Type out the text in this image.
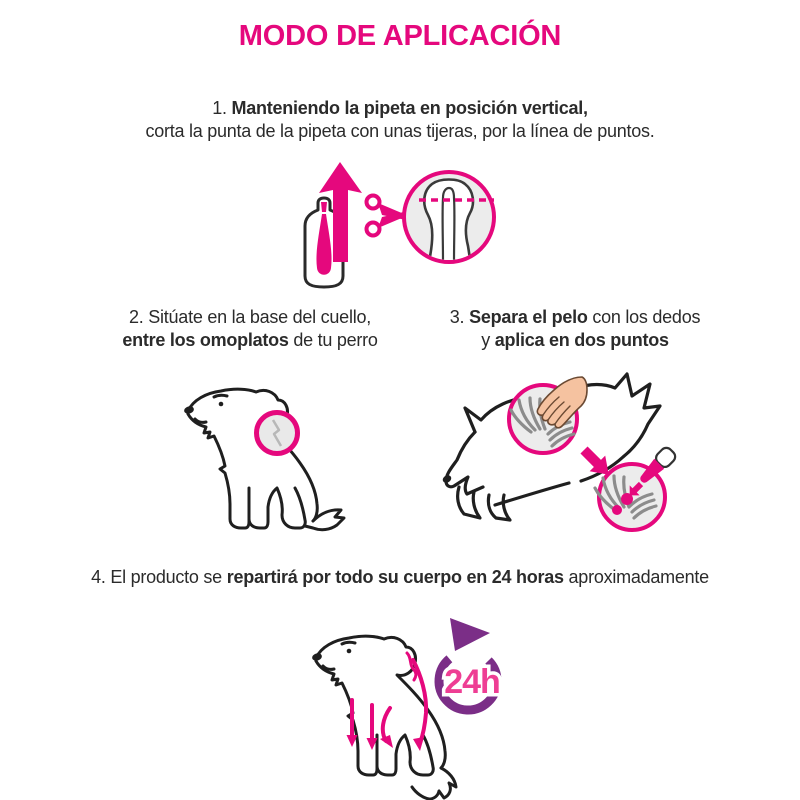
MODO DE APLICACIÓN
1. Manteniendo la pipeta en posición vertical,
corta la punta de la pipeta con unas tijeras, por la línea de puntos.
2. Sitúate en la base del cuello,
entre los omoplatos de tu perro
3. Separa el pelo con los dedos
y aplica en dos puntos
4. El producto se repartirá por todo su cuerpo en 24 horas aproximadamente
24h
